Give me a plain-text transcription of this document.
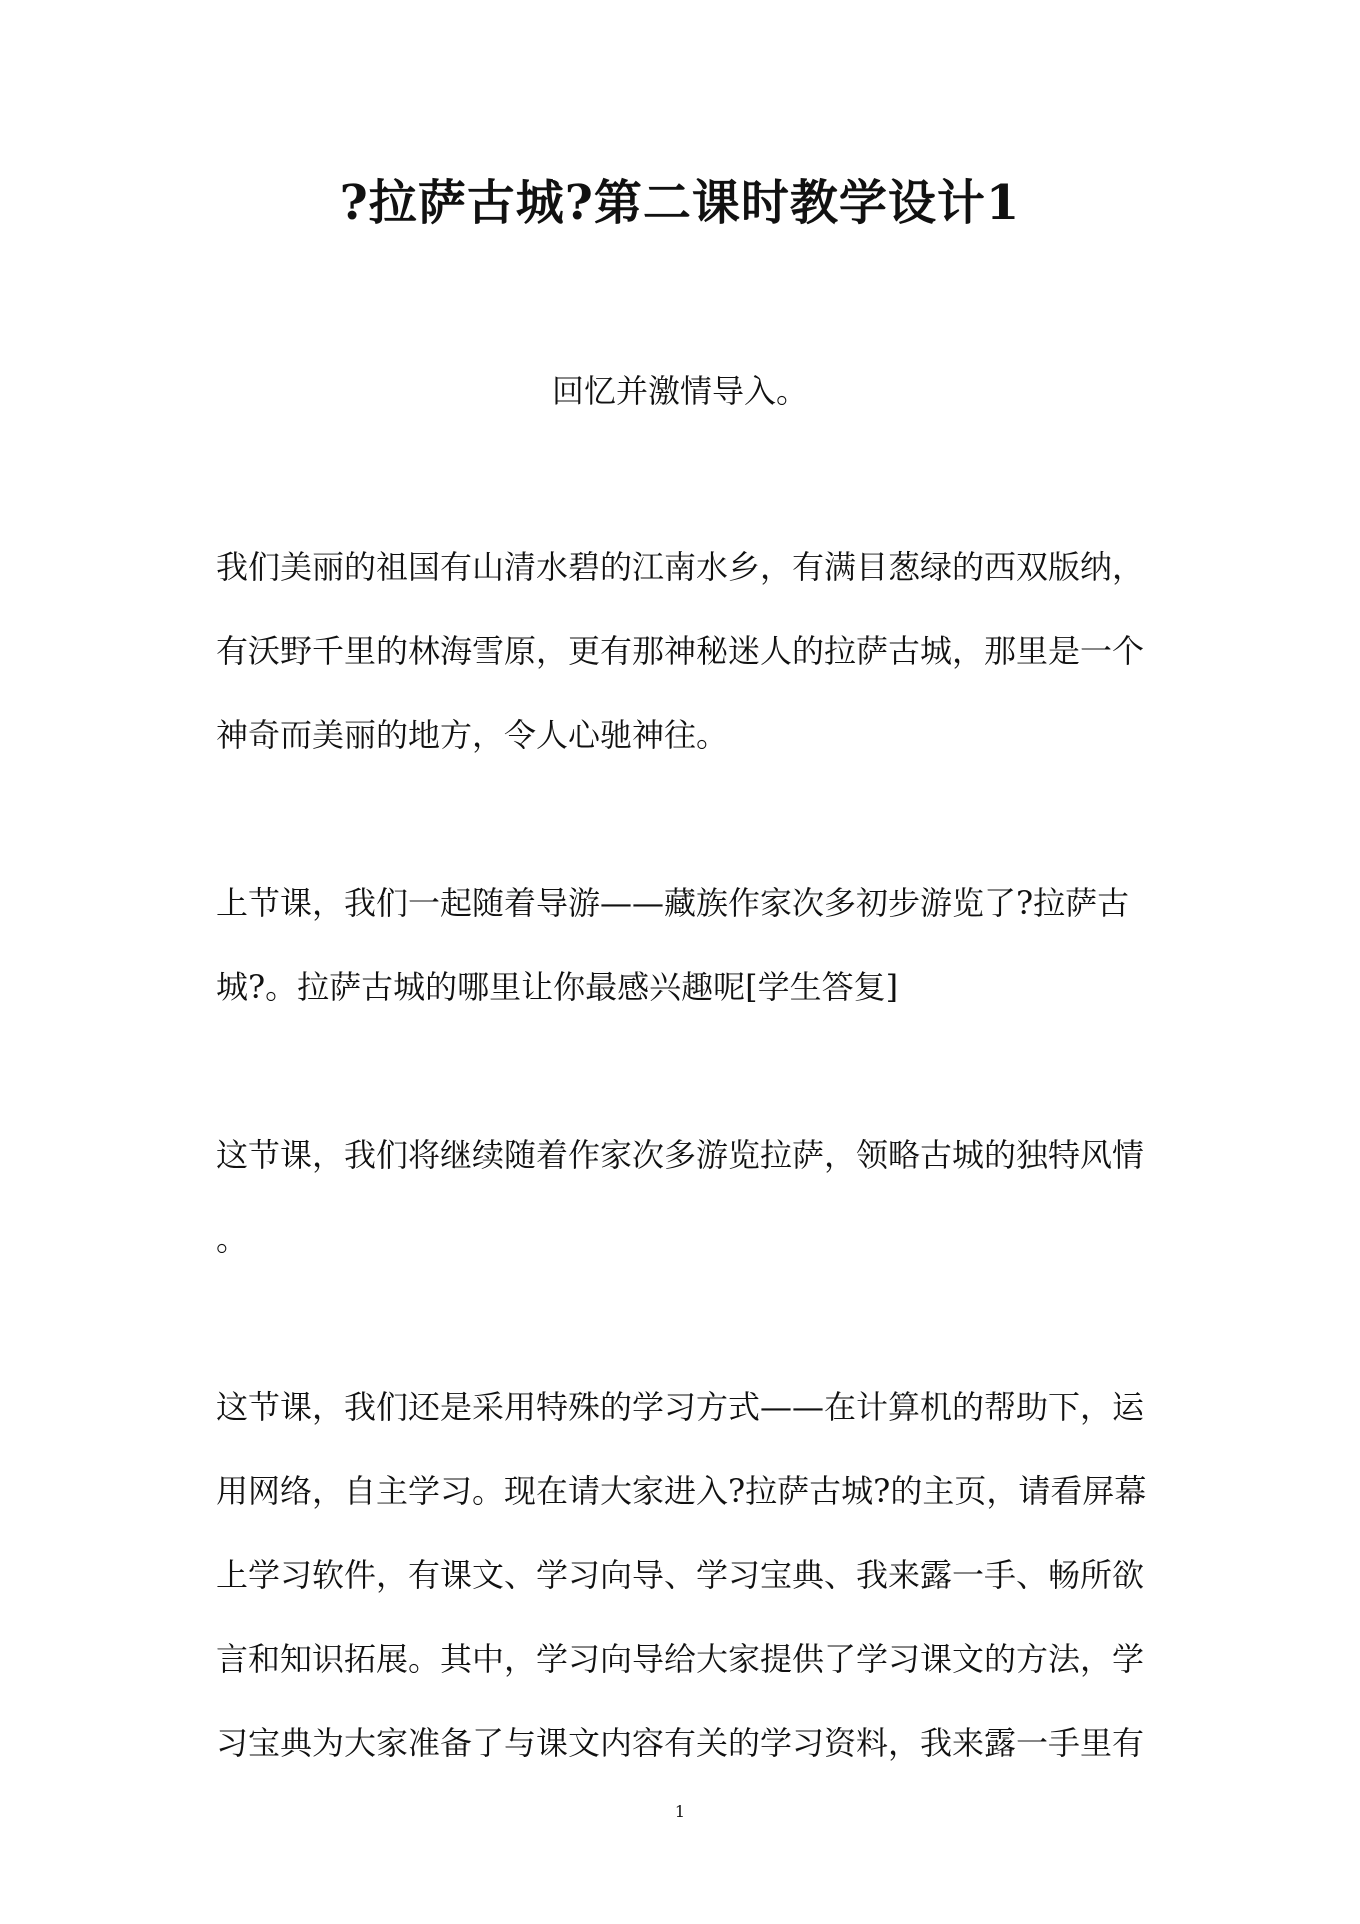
?拉萨古城?第二课时教学设计1
回忆并激情导入。
我们美丽的祖国有山清水碧的江南水乡，有满目葱绿的西双版纳，
有沃野千里的林海雪原，更有那神秘迷人的拉萨古城，那里是一个
神奇而美丽的地方，令人心驰神往。
上节课，我们一起随着导游——藏族作家次多初步游览了?拉萨古
城?。拉萨古城的哪里让你最感兴趣呢[学生答复]
这节课，我们将继续随着作家次多游览拉萨，领略古城的独特风情
。
这节课，我们还是采用特殊的学习方式——在计算机的帮助下，运
用网络，自主学习。现在请大家进入?拉萨古城?的主页，请看屏幕
上学习软件，有课文、学习向导、学习宝典、我来露一手、畅所欲
言和知识拓展。其中，学习向导给大家提供了学习课文的方法，学
习宝典为大家准备了与课文内容有关的学习资料，我来露一手里有
1
